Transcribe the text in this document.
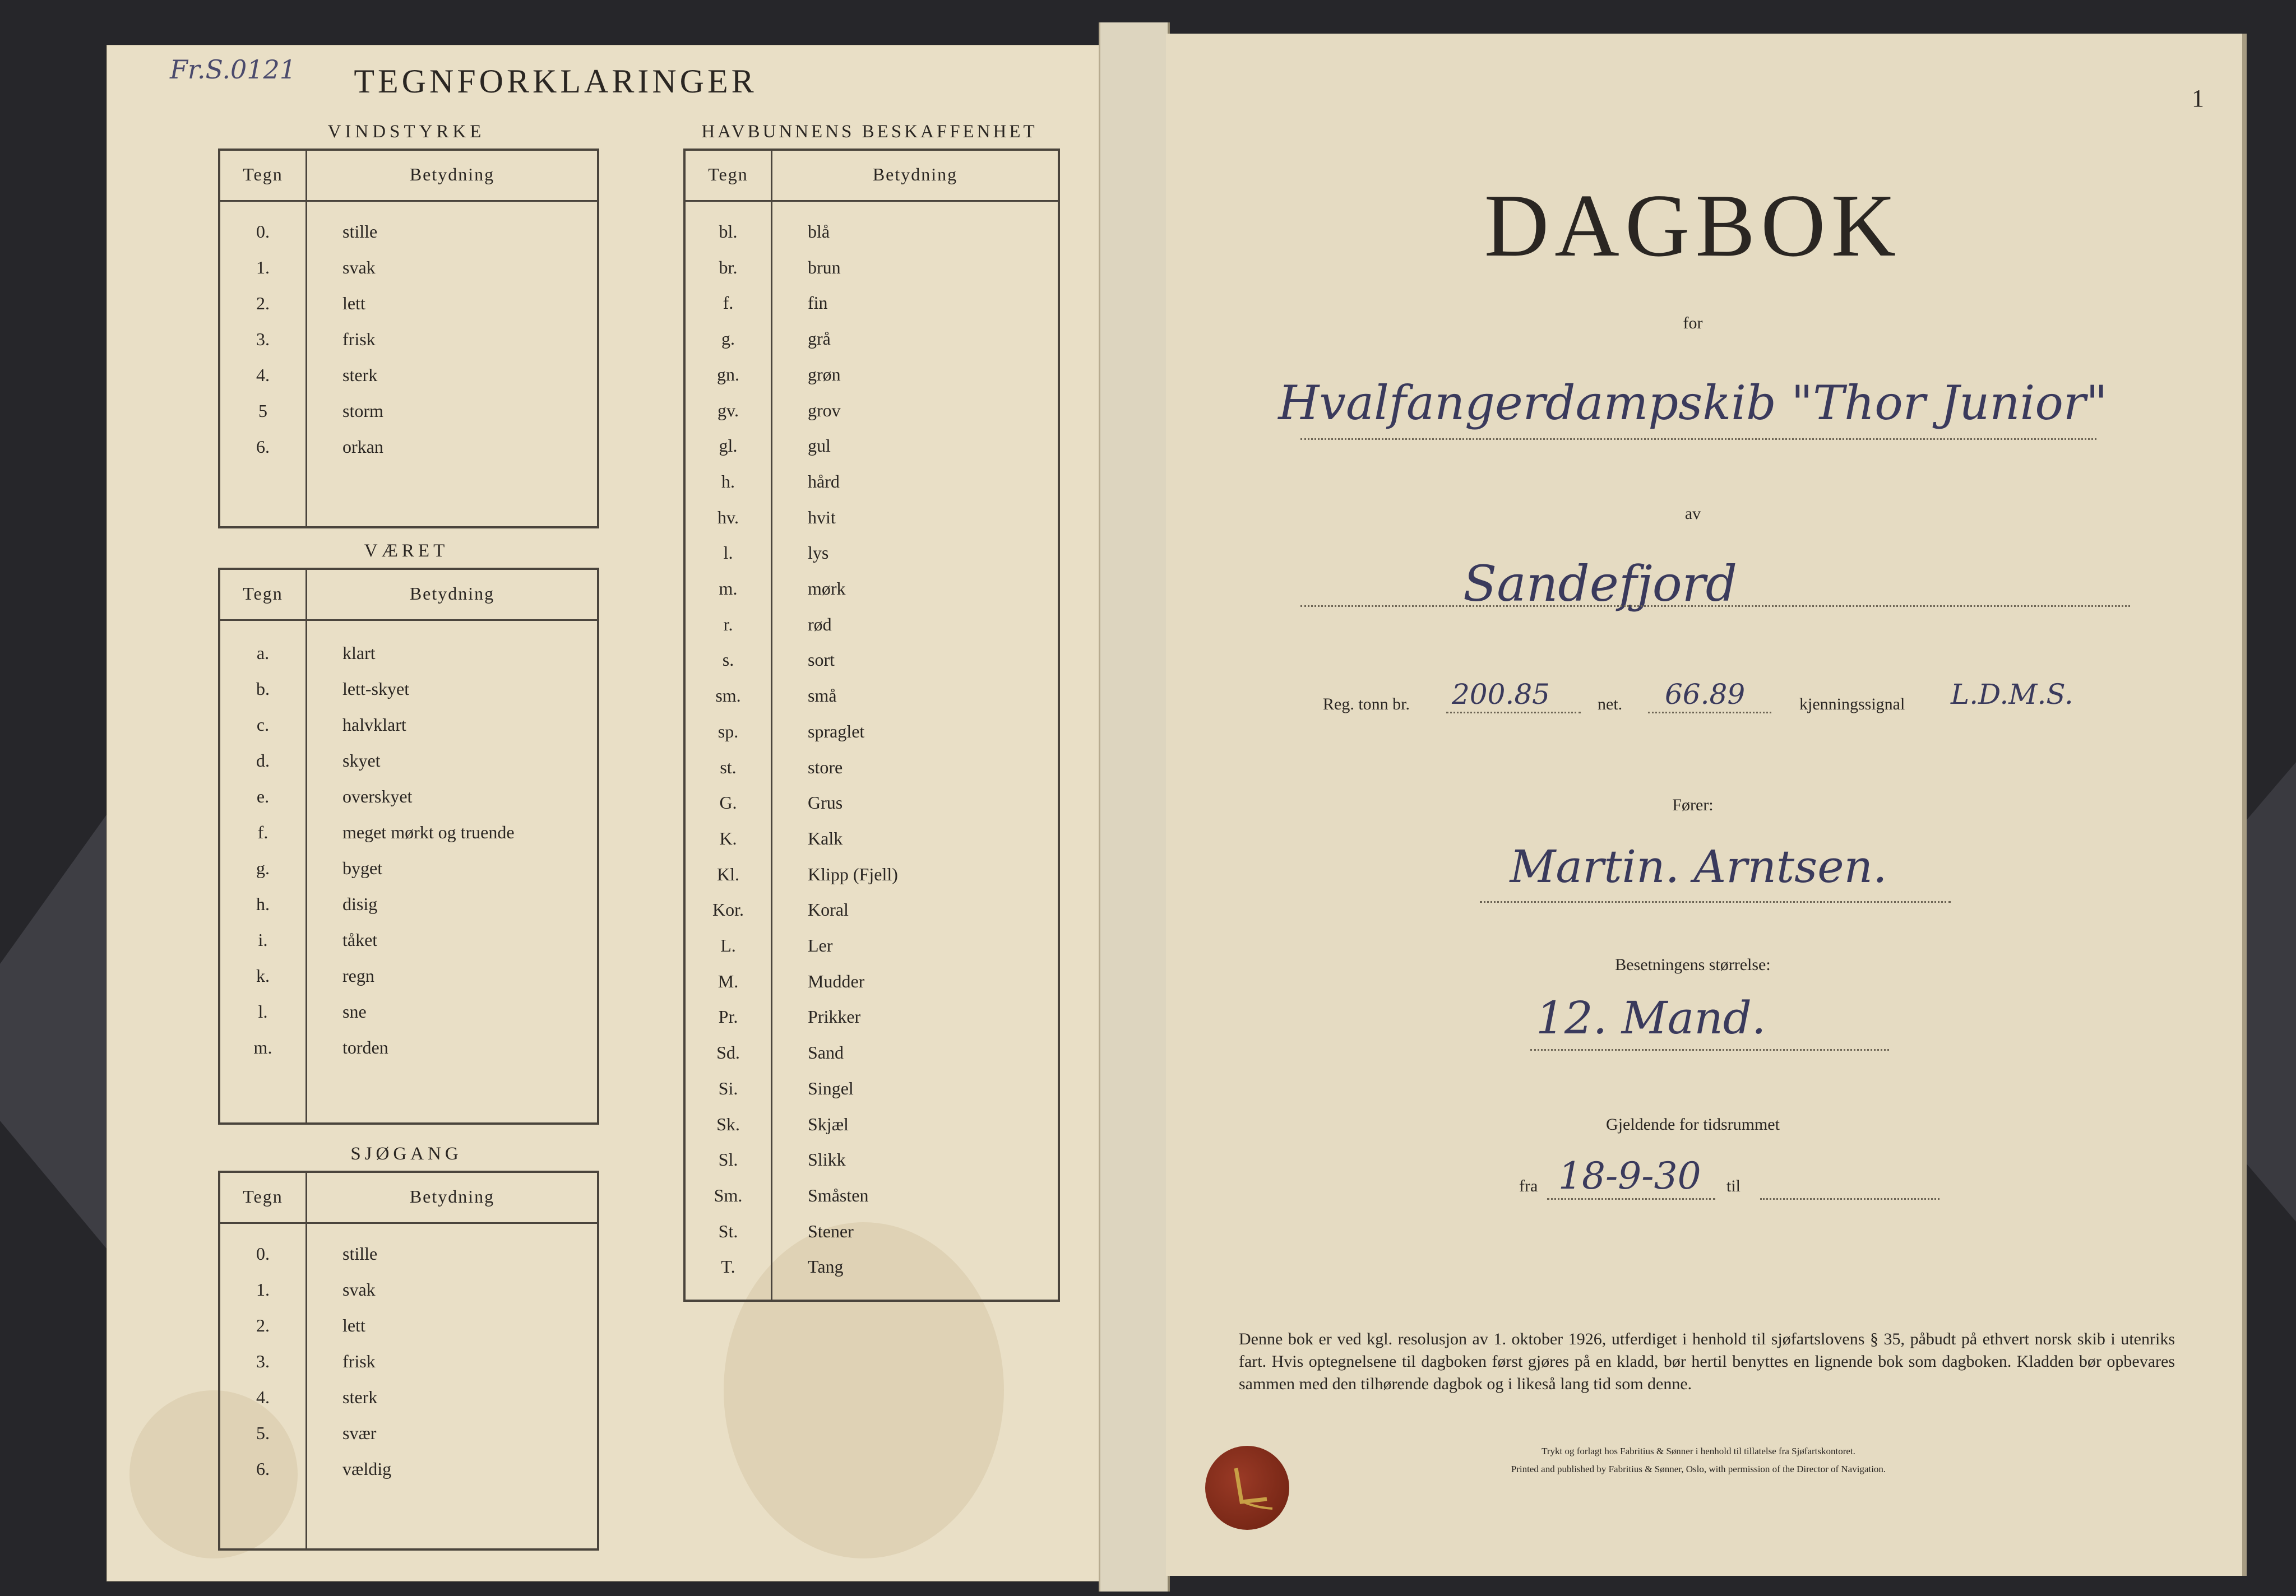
Fr.S.0121	TEGNFORKLARINGER
VINDSTYRKE
Tegn	Betydning
0.	stille
1.	svak
2.	lett
3.	frisk
4.	sterk
5	storm
6.	orkan
VÆRET
Tegn	Betydning
a.	klart
b.	lett-skyet
c.	halvklart
d.	skyet
e.	overskyet
f.	meget mørkt og truende
g.	byget
h.	disig
i.	tåket
k.	regn
l.	sne
m.	torden
SJØGANG
Tegn	Betydning
0.	stille
1.	svak
2.	lett
3.	frisk
4.	sterk
5.	svær
6.	vældig
HAVBUNNENS BESKAFFENHET
Tegn	Betydning
bl.	blå
br.	brun
f.	fin
g.	grå
gn.	grøn
gv.	grov
gl.	gul
h.	hård
hv.	hvit
l.	lys
m.	mørk
r.	rød
s.	sort
sm.	små
sp.	spraglet
st.	store
G.	Grus
K.	Kalk
Kl.	Klipp (Fjell)
Kor.	Koral
L.	Ler
M.	Mudder
Pr.	Prikker
Sd.	Sand
Si.	Singel
Sk.	Skjæl
Sl.	Slikk
Sm.	Småsten
St.	Stener
T.	Tang
1
DAGBOK
for
Hvalfangerdampskib "Thor Junior"
av
Sandefjord
Reg. tonn br. 200.85	net. 66.89	kjenningssignal L.D.M.S.
Fører:
Martin. Arntsen.
Besetningens størrelse:
12. Mand.
Gjeldende for tidsrummet
fra 18-9-30 til
Denne bok er ved kgl. resolusjon av 1. oktober 1926, utferdiget i henhold til sjøfartslovens § 35, påbudt på ethvert norsk skib i utenriks fart. Hvis optegnelsene til dagboken først gjøres på en kladd, bør hertil benyttes en lignende bok som dagboken. Kladden bør opbevares sammen med den tilhørende dagbok og i likeså lang tid som denne.
Trykt og forlagt hos Fabritius & Sønner i henhold til tillatelse fra Sjøfartskontoret.
Printed and published by Fabritius & Sønner, Oslo, with permission of the Director of Navigation.
